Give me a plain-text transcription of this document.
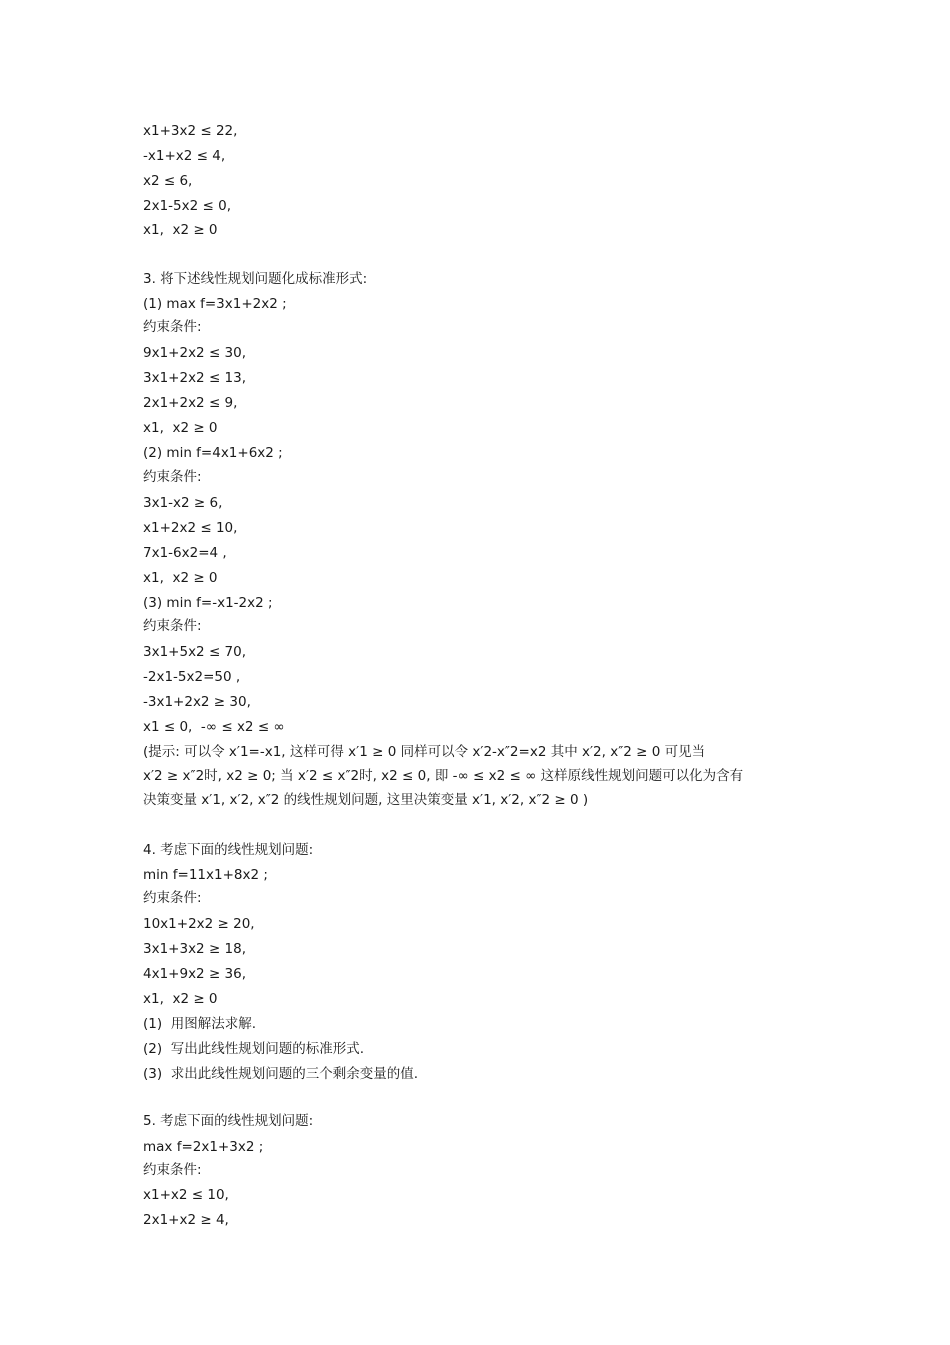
x1+3x2 ≤ 22,
-x1+x2 ≤ 4,
x2 ≤ 6,
2x1-5x2 ≤ 0,
x1,  x2 ≥ 0
3. 将下述线性规划问题化成标准形式:
(1) max f=3x1+2x2 ;
约束条件:
9x1+2x2 ≤ 30,
3x1+2x2 ≤ 13,
2x1+2x2 ≤ 9,
x1,  x2 ≥ 0
(2) min f=4x1+6x2 ;
约束条件:
3x1-x2 ≥ 6,
x1+2x2 ≤ 10,
7x1-6x2=4 ,
x1,  x2 ≥ 0
(3) min f=-x1-2x2 ;
约束条件:
3x1+5x2 ≤ 70,
-2x1-5x2=50 ,
-3x1+2x2 ≥ 30,
x1 ≤ 0,  -∞ ≤ x2 ≤ ∞
(提示: 可以令 x′1=-x1, 这样可得 x′1 ≥ 0 同样可以令 x′2-x″2=x2 其中 x′2, x″2 ≥ 0 可见当
x′2 ≥ x″2时, x2 ≥ 0; 当 x′2 ≤ x″2时, x2 ≤ 0, 即 -∞ ≤ x2 ≤ ∞ 这样原线性规划问题可以化为含有
决策变量 x′1, x′2, x″2 的线性规划问题, 这里决策变量 x′1, x′2, x″2 ≥ 0 )
4. 考虑下面的线性规划问题:
min f=11x1+8x2 ;
约束条件:
10x1+2x2 ≥ 20,
3x1+3x2 ≥ 18,
4x1+9x2 ≥ 36,
x1,  x2 ≥ 0
(1)  用图解法求解.
(2)  写出此线性规划问题的标准形式.
(3)  求出此线性规划问题的三个剩余变量的值.
5. 考虑下面的线性规划问题:
max f=2x1+3x2 ;
约束条件:
x1+x2 ≤ 10,
2x1+x2 ≥ 4,
